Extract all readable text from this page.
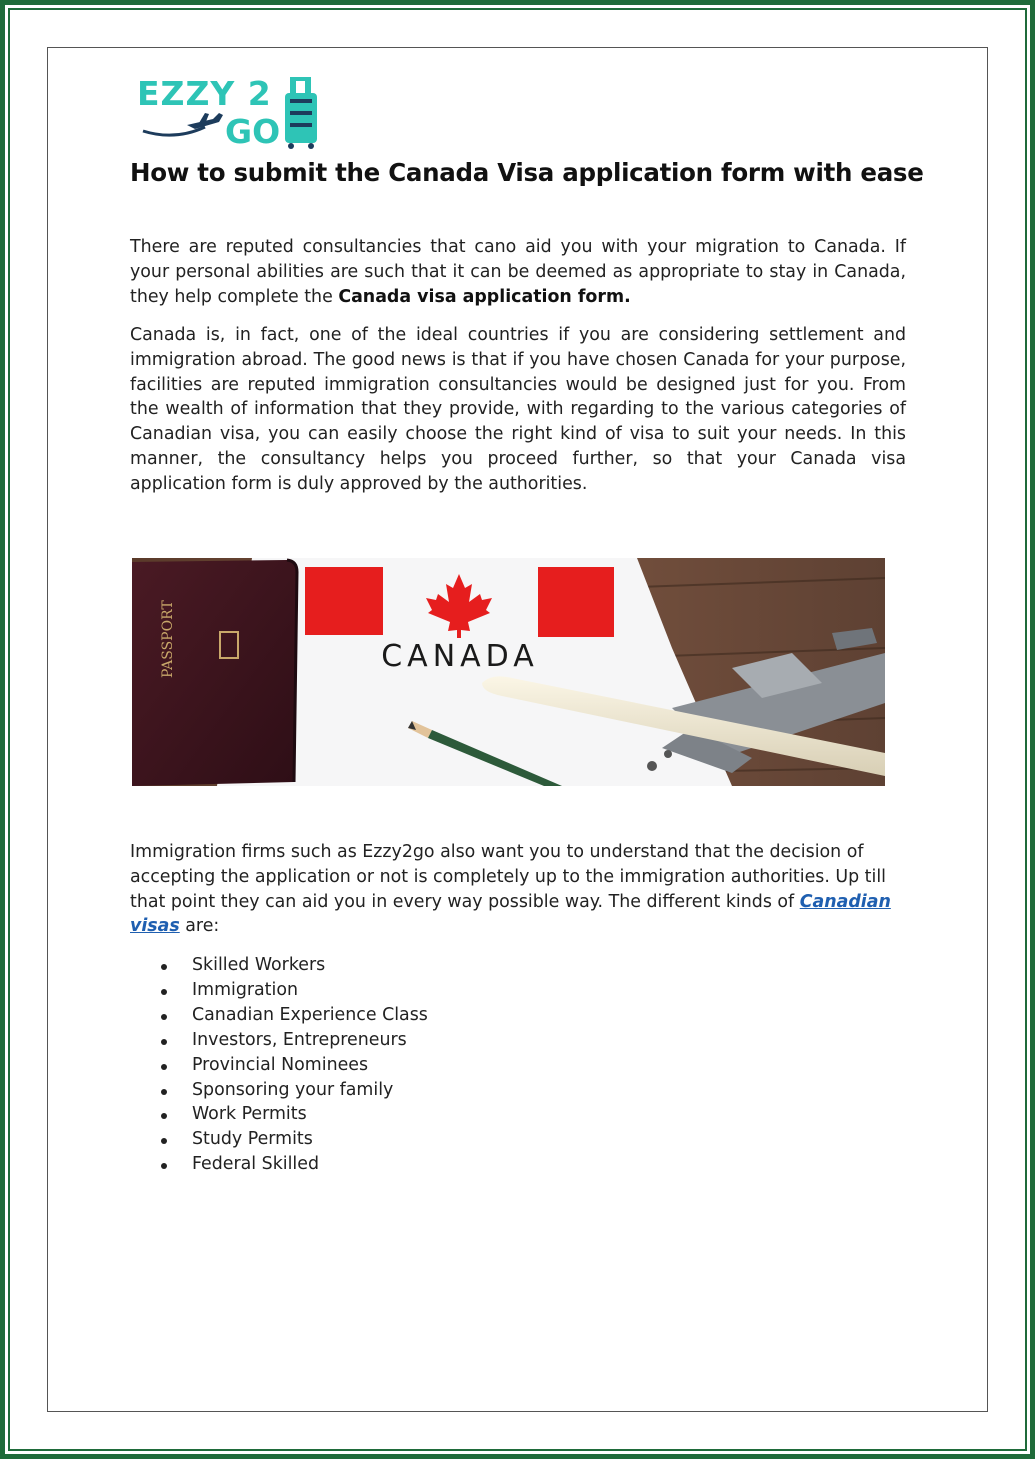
EZZY 2
GO
How to submit the Canada Visa application form with ease

There are reputed consultancies that cano aid you with your migration to Canada. If your personal abilities are such that it can be deemed as appropriate to stay in Canada, they help complete the Canada visa application form.

Canada is, in fact, one of the ideal countries if you are considering settlement and immigration abroad. The good news is that if you have chosen Canada for your purpose, facilities are reputed immigration consultancies would be designed just for you. From the wealth of information that they provide, with regarding to the various categories of Canadian visa, you can easily choose the right kind of visa to suit your needs. In this manner, the consultancy helps you proceed further, so that your Canada visa application form is duly approved by the authorities.

CANADA
PASSPORT

Immigration firms such as Ezzy2go also want you to understand that the decision of accepting the application or not is completely up to the immigration authorities. Up till that point they can aid you in every way possible way. The different kinds of Canadian visas are:

Skilled Workers
Immigration
Canadian Experience Class
Investors, Entrepreneurs
Provincial Nominees
Sponsoring your family
Work Permits
Study Permits
Federal Skilled
